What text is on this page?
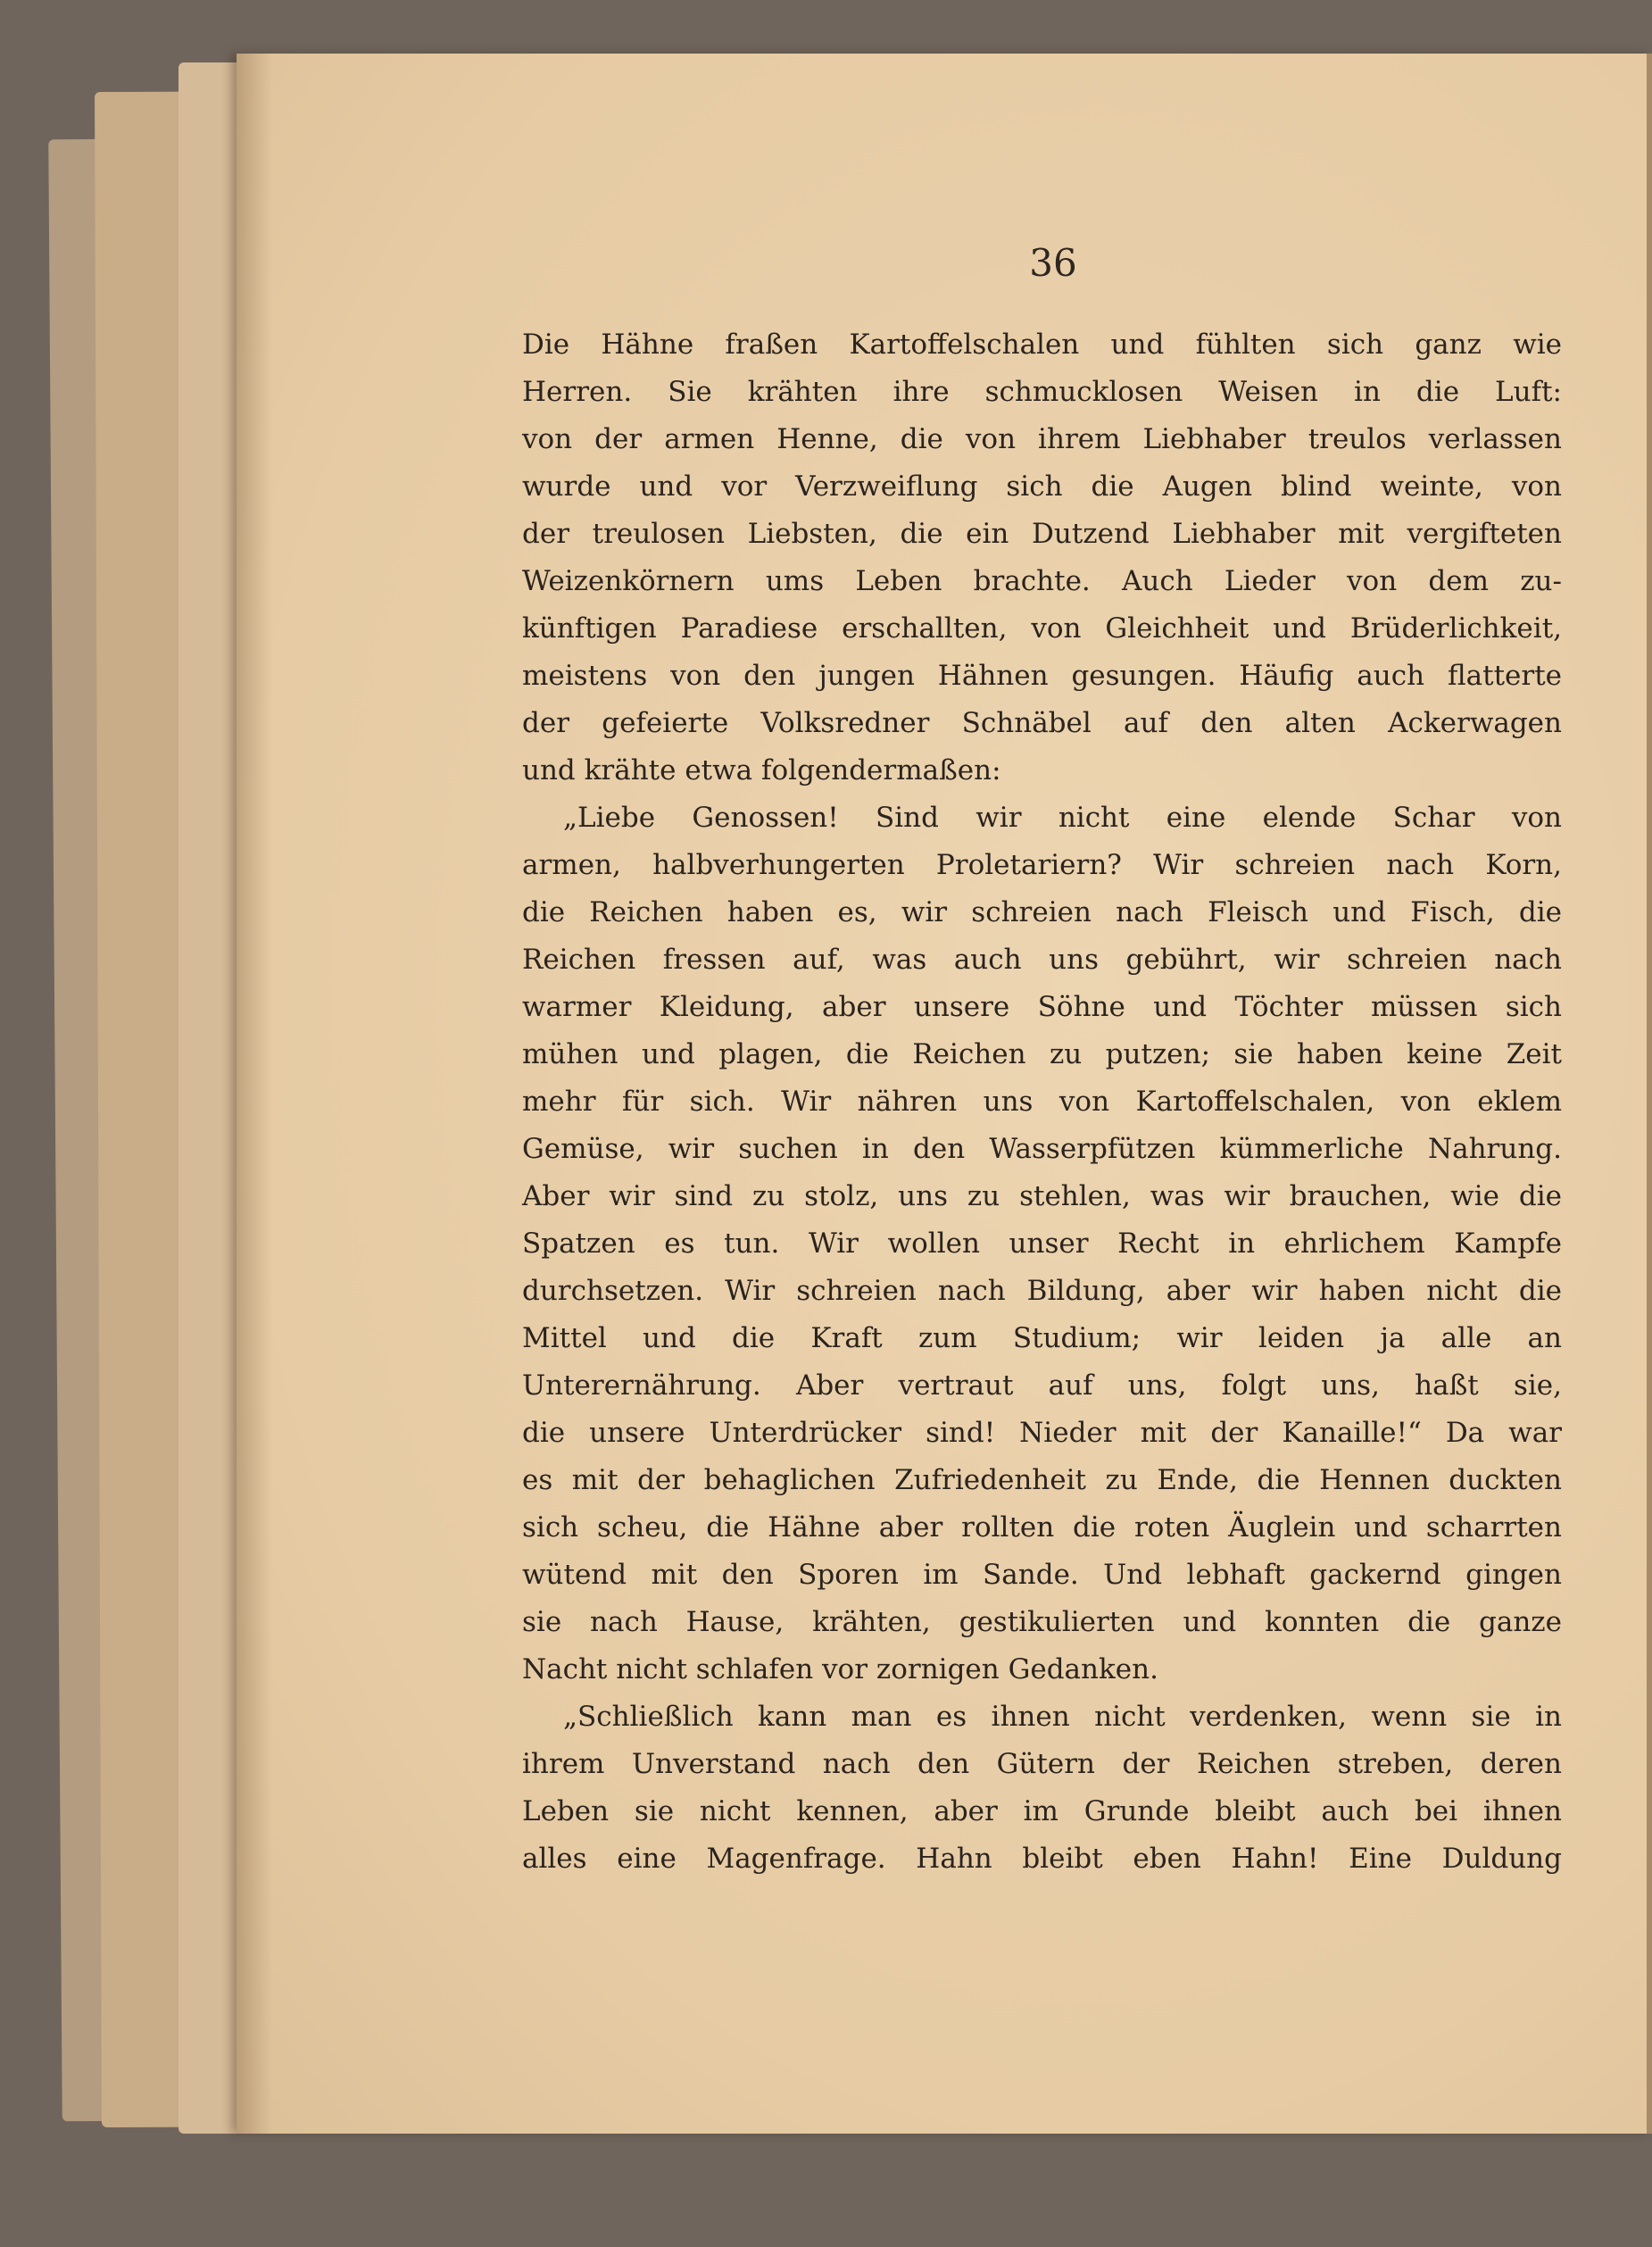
36

Die Hähne fraßen Kartoffelschalen und fühlten sich ganz wie

Herren. Sie krähten ihre schmucklosen Weisen in die Luft:

von der armen Henne, die von ihrem Liebhaber treulos verlassen

wurde und vor Verzweiflung sich die Augen blind weinte, von

der treulosen Liebsten, die ein Dutzend Liebhaber mit vergifteten

Weizenkörnern ums Leben brachte. Auch Lieder von dem zu-

künftigen Paradiese erschallten, von Gleichheit und Brüderlichkeit,

meistens von den jungen Hähnen gesungen. Häufig auch flatterte

der gefeierte Volksredner Schnäbel auf den alten Ackerwagen

und krähte etwa folgendermaßen:

„Liebe Genossen! Sind wir nicht eine elende Schar von

armen, halbverhungerten Proletariern? Wir schreien nach Korn,

die Reichen haben es, wir schreien nach Fleisch und Fisch, die

Reichen fressen auf, was auch uns gebührt, wir schreien nach

warmer Kleidung, aber unsere Söhne und Töchter müssen sich

mühen und plagen, die Reichen zu putzen; sie haben keine Zeit

mehr für sich. Wir nähren uns von Kartoffelschalen, von eklem

Gemüse, wir suchen in den Wasserpfützen kümmerliche Nahrung.

Aber wir sind zu stolz, uns zu stehlen, was wir brauchen, wie die

Spatzen es tun. Wir wollen unser Recht in ehrlichem Kampfe

durchsetzen. Wir schreien nach Bildung, aber wir haben nicht die

Mittel und die Kraft zum Studium; wir leiden ja alle an

Unterernährung. Aber vertraut auf uns, folgt uns, haßt sie,

die unsere Unterdrücker sind! Nieder mit der Kanaille!“ Da war

es mit der behaglichen Zufriedenheit zu Ende, die Hennen duckten

sich scheu, die Hähne aber rollten die roten Äuglein und scharrten

wütend mit den Sporen im Sande. Und lebhaft gackernd gingen

sie nach Hause, krähten, gestikulierten und konnten die ganze

Nacht nicht schlafen vor zornigen Gedanken.

„Schließlich kann man es ihnen nicht verdenken, wenn sie in

ihrem Unverstand nach den Gütern der Reichen streben, deren

Leben sie nicht kennen, aber im Grunde bleibt auch bei ihnen

alles eine Magenfrage. Hahn bleibt eben Hahn! Eine Duldung
